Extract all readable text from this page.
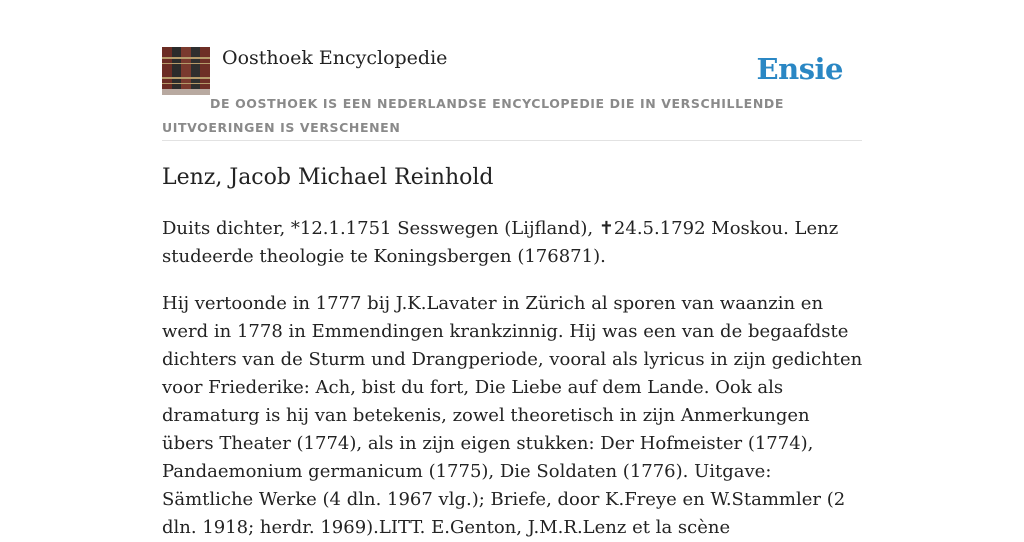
Oosthoek Encyclopedie	Ensie
DE OOSTHOEK IS EEN NEDERLANDSE ENCYCLOPEDIE DIE IN VERSCHILLENDE UITVOERINGEN IS VERSCHENEN
Lenz, Jacob Michael Reinhold

Duits dichter, *12.1.1751 Sesswegen (Lijfland), ✝24.5.1792 Moskou. Lenz studeerde theologie te Koningsbergen (176871).

Hij vertoonde in 1777 bij J.K.Lavater in Zürich al sporen van waanzin en werd in 1778 in Emmendingen krankzinnig. Hij was een van de begaafdste dichters van de Sturm und Drangperiode, vooral als lyricus in zijn gedichten voor Friederike: Ach, bist du fort, Die Liebe auf dem Lande. Ook als dramaturg is hij van betekenis, zowel theoretisch in zijn Anmerkungen übers Theater (1774), als in zijn eigen stukken: Der Hofmeister (1774), Pandaemonium germanicum (1775), Die Soldaten (1776). Uitgave: Sämtliche Werke (4 dln. 1967 vlg.); Briefe, door K.Freye en W.Stammler (2 dln. 1918; herdr. 1969).LITT. E.Genton, J.M.R.Lenz et la scène
